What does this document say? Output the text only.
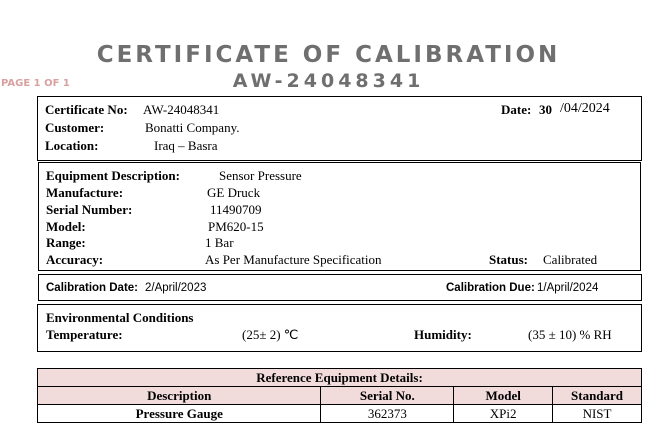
CERTIFICATE OF CALIBRATION
AW-24048341
PAGE 1 OF 1
Certificate No: AW-24048341	Date: 30 /04/2024
Customer:	Bonatti Company.
Location:	Iraq – Basra
Equipment Description:	Sensor Pressure
Manufacture:	GE Druck
Serial Number:	11490709
Model:	PM620-15
Range:	1 Bar
Accuracy:	As Per Manufacture Specification	Status: Calibrated
Calibration Date: 2/April/2023	Calibration Due: 1/April/2024
Environmental Conditions
Temperature:	(25± 2) ℃	Humidity:	(35 ± 10) % RH
Reference Equipment Details:			
Description	Serial No.	Model	Standard
Pressure Gauge	362373	XPi2	NIST
